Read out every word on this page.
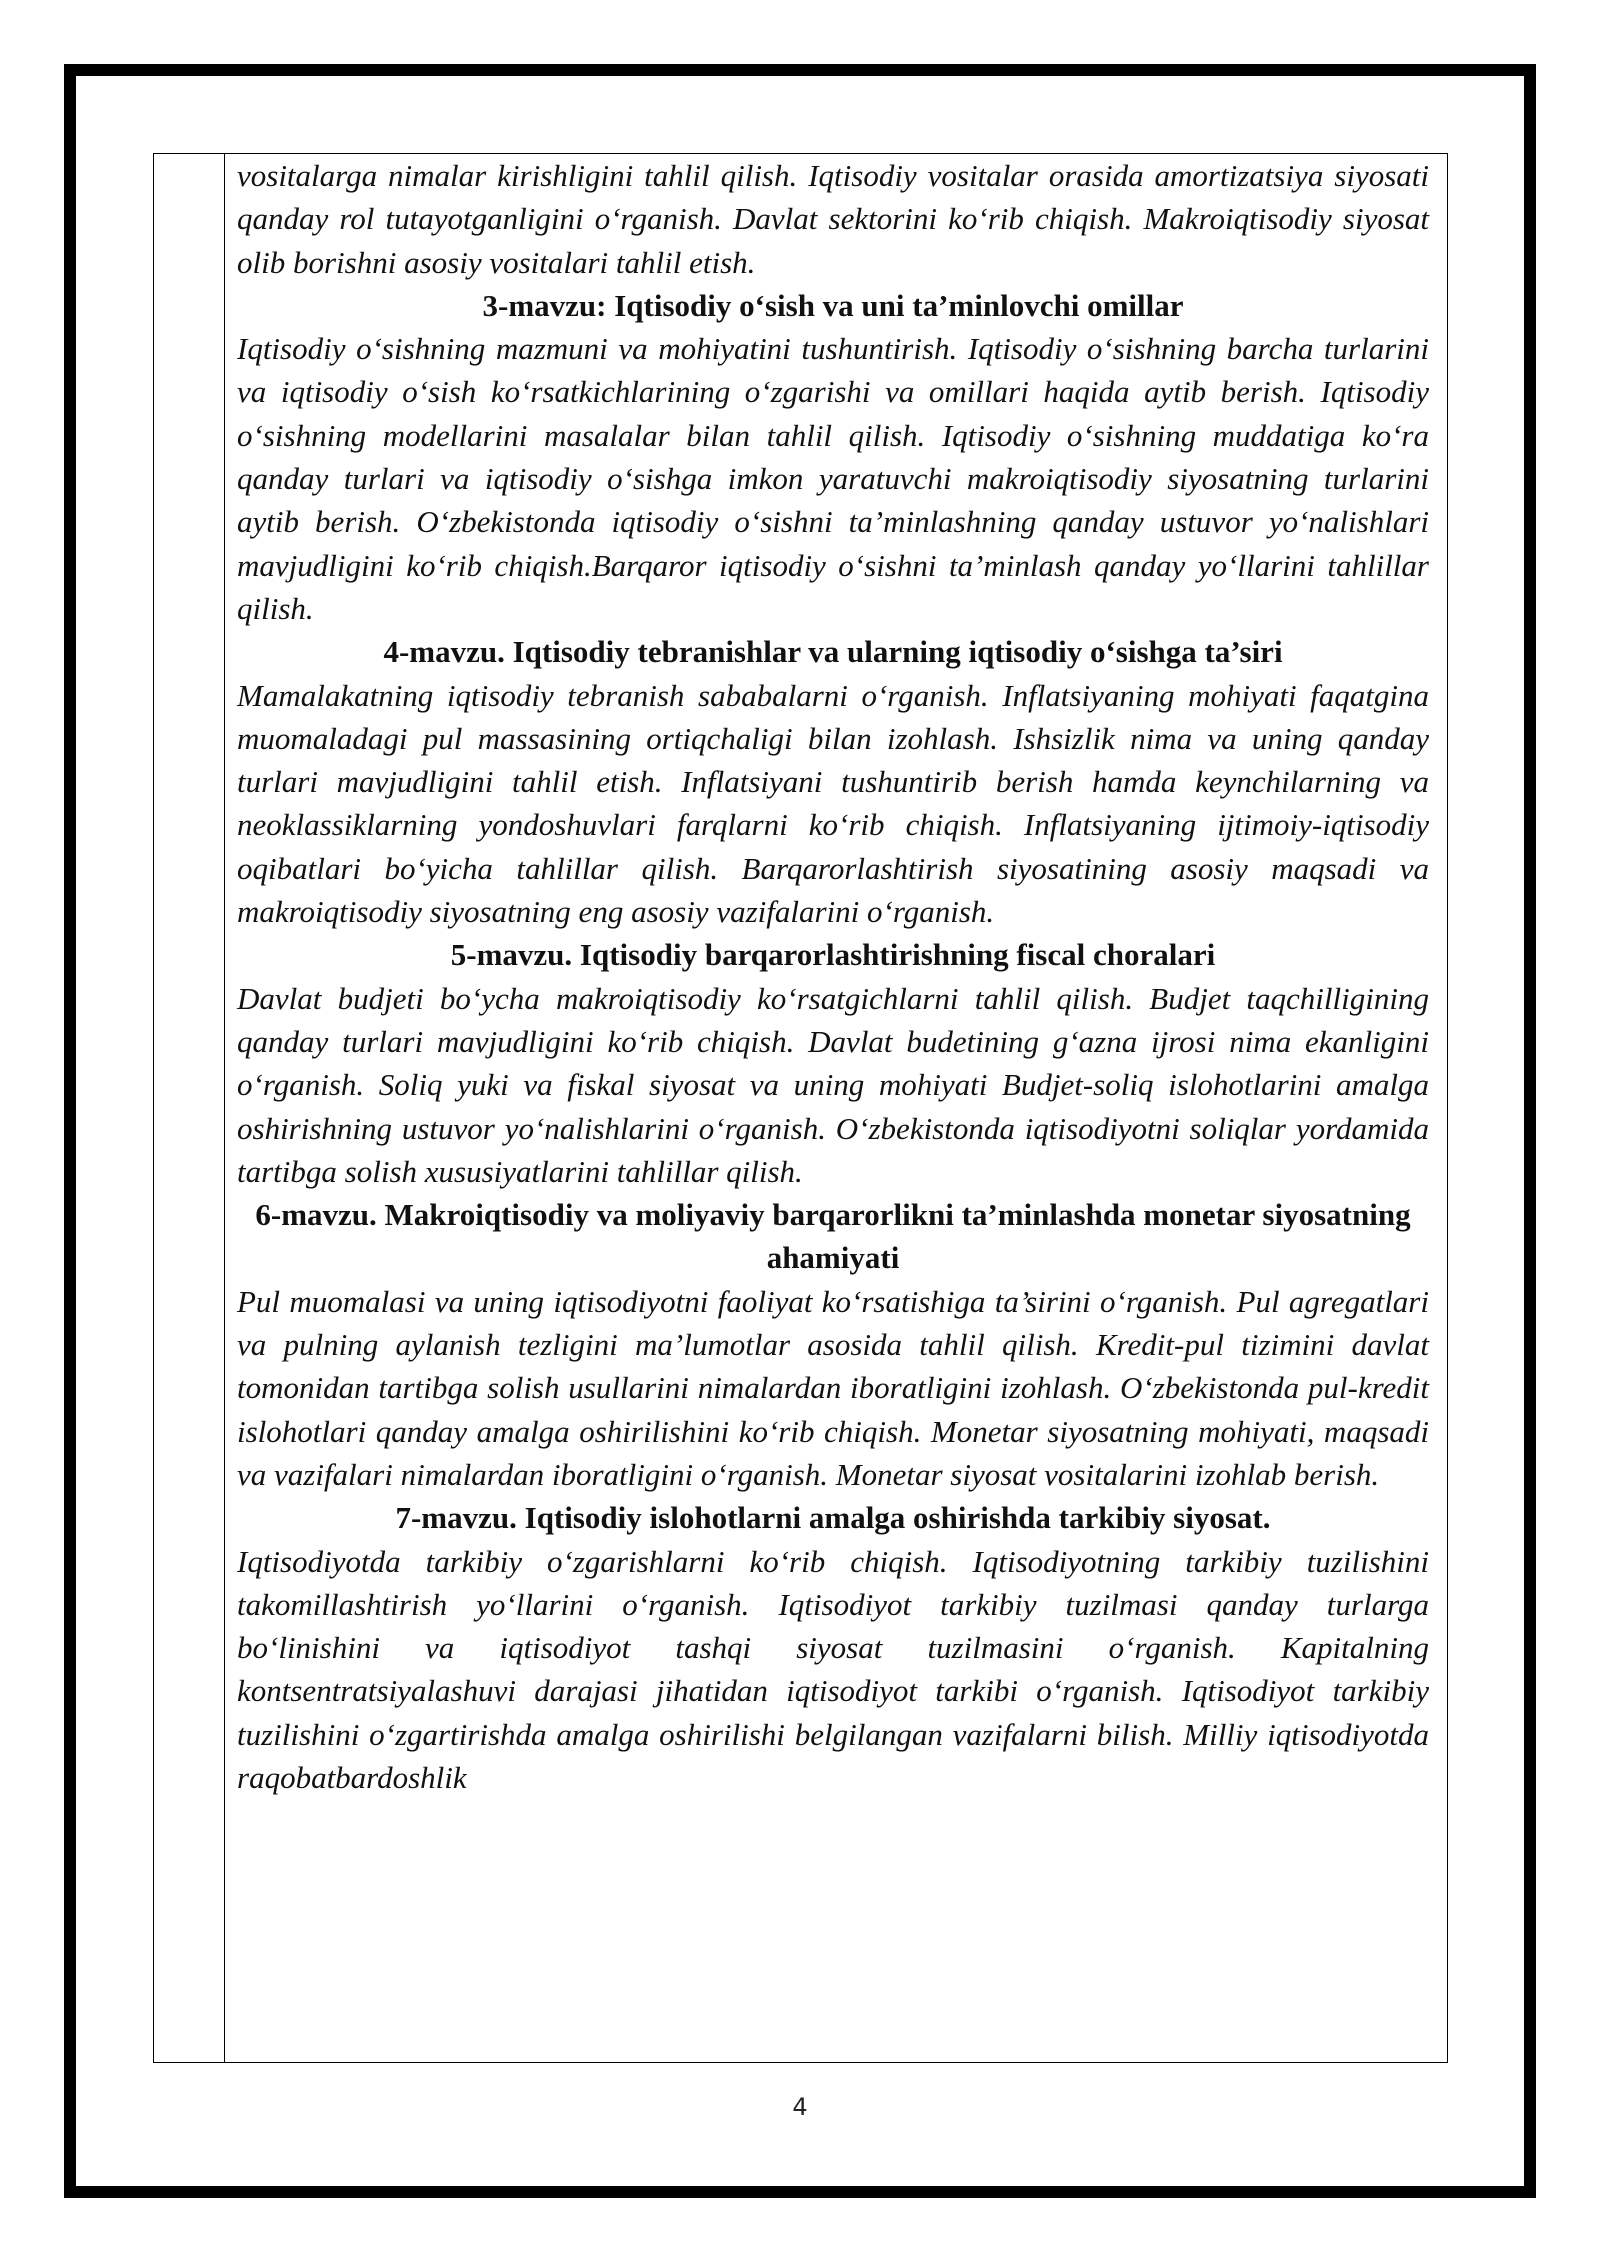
vositalarga nimalar kirishligini tahlil qilish. Iqtisodiy vositalar orasida amortizatsiya siyosati qanday rol tutayotganligini o‘rganish. Davlat sektorini ko‘rib chiqish. Makroiqtisodiy siyosat olib borishni asosiy vositalari tahlil etish.

3-mavzu: Iqtisodiy o‘sish va uni ta’minlovchi omillar

Iqtisodiy o‘sishning mazmuni va mohiyatini tushuntirish. Iqtisodiy o‘sishning barcha turlarini va iqtisodiy o‘sish ko‘rsatkichlarining o‘zgarishi va omillari haqida aytib berish. Iqtisodiy o‘sishning modellarini masalalar bilan tahlil qilish. Iqtisodiy o‘sishning muddatiga ko‘ra qanday turlari va iqtisodiy o‘sishga imkon yaratuvchi makroiqtisodiy siyosatning turlarini aytib berish. O‘zbekistonda iqtisodiy o‘sishni ta’minlashning qanday ustuvor yo‘nalishlari mavjudligini ko‘rib chiqish.Barqaror iqtisodiy o‘sishni ta’minlash qanday yo‘llarini tahlillar qilish.

4-mavzu. Iqtisodiy tebranishlar va ularning iqtisodiy o‘sishga ta’siri

Mamalakatning iqtisodiy tebranish sababalarni o‘rganish. Inflatsiyaning mohiyati faqatgina muomaladagi pul massasining ortiqchaligi bilan izohlash. Ishsizlik nima va uning qanday turlari mavjudligini tahlil etish. Inflatsiyani tushuntirib berish hamda keynchilarning va neoklassiklarning yondoshuvlari farqlarni ko‘rib chiqish. Inflatsiyaning ijtimoiy-iqtisodiy oqibatlari bo‘yicha tahlillar qilish. Barqarorlashtirish siyosatining asosiy maqsadi va makroiqtisodiy siyosatning eng asosiy vazifalarini o‘rganish.

5-mavzu. Iqtisodiy barqarorlashtirishning fiscal choralari

Davlat budjeti bo‘ycha makroiqtisodiy ko‘rsatgichlarni tahlil qilish. Budjet taqchilligining qanday turlari mavjudligini ko‘rib chiqish. Davlat budetining g‘azna ijrosi nima ekanligini o‘rganish. Soliq yuki va fiskal siyosat va uning mohiyati Budjet-soliq islohotlarini amalga oshirishning ustuvor yo‘nalishlarini o‘rganish. O‘zbekistonda iqtisodiyotni soliqlar yordamida tartibga solish xususiyatlarini tahlillar qilish.

6-mavzu. Makroiqtisodiy va moliyaviy barqarorlikni ta’minlashda monetar siyosatning ahamiyati

Pul muomalasi va uning iqtisodiyotni faoliyat ko‘rsatishiga ta’sirini o‘rganish. Pul agregatlari va pulning aylanish tezligini ma’lumotlar asosida tahlil qilish. Kredit-pul tizimini davlat tomonidan tartibga solish usullarini nimalardan iboratligini izohlash. O‘zbekistonda pul-kredit islohotlari qanday amalga oshirilishini ko‘rib chiqish. Monetar siyosatning mohiyati, maqsadi va vazifalari nimalardan iboratligini o‘rganish. Monetar siyosat vositalarini izohlab berish.

7-mavzu. Iqtisodiy islohotlarni amalga oshirishda tarkibiy siyosat.

Iqtisodiyotda tarkibiy o‘zgarishlarni ko‘rib chiqish. Iqtisodiyotning tarkibiy tuzilishini takomillashtirish yo‘llarini o‘rganish. Iqtisodiyot tarkibiy tuzilmasi qanday turlarga bo‘linishini va iqtisodiyot tashqi siyosat tuzilmasini o‘rganish. Kapitalning kontsentratsiyalashuvi darajasi jihatidan iqtisodiyot tarkibi o‘rganish. Iqtisodiyot tarkibiy tuzilishini o‘zgartirishda amalga oshirilishi belgilangan vazifalarni bilish. Milliy iqtisodiyotda raqobatbardoshlik

4
